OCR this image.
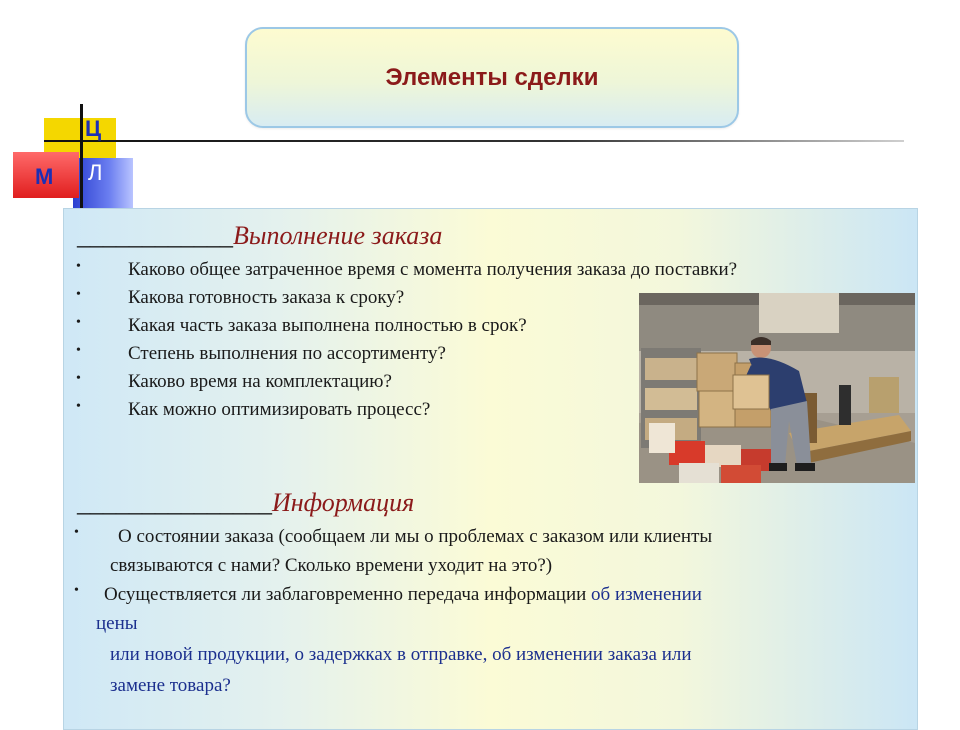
Элементы сделки
Ц
М Л
____________Выполнение заказа
• Каково общее затраченное время с момента получения заказа до поставки?
• Какова готовность заказа к сроку?
• Какая часть заказа выполнена полностью в срок?
• Степень выполнения по ассортименту?
• Каково время на комплектацию?
• Как можно оптимизировать процесс?
_______________Информация
• О состоянии заказа (сообщаем ли мы о проблемах с заказом или клиенты
связываются с нами? Сколько времени уходит на это?)
• Осуществляется ли заблаговременно передача информации об изменении
цены
или новой продукции, о задержках в отправке, об изменении заказа или
замене товара?
